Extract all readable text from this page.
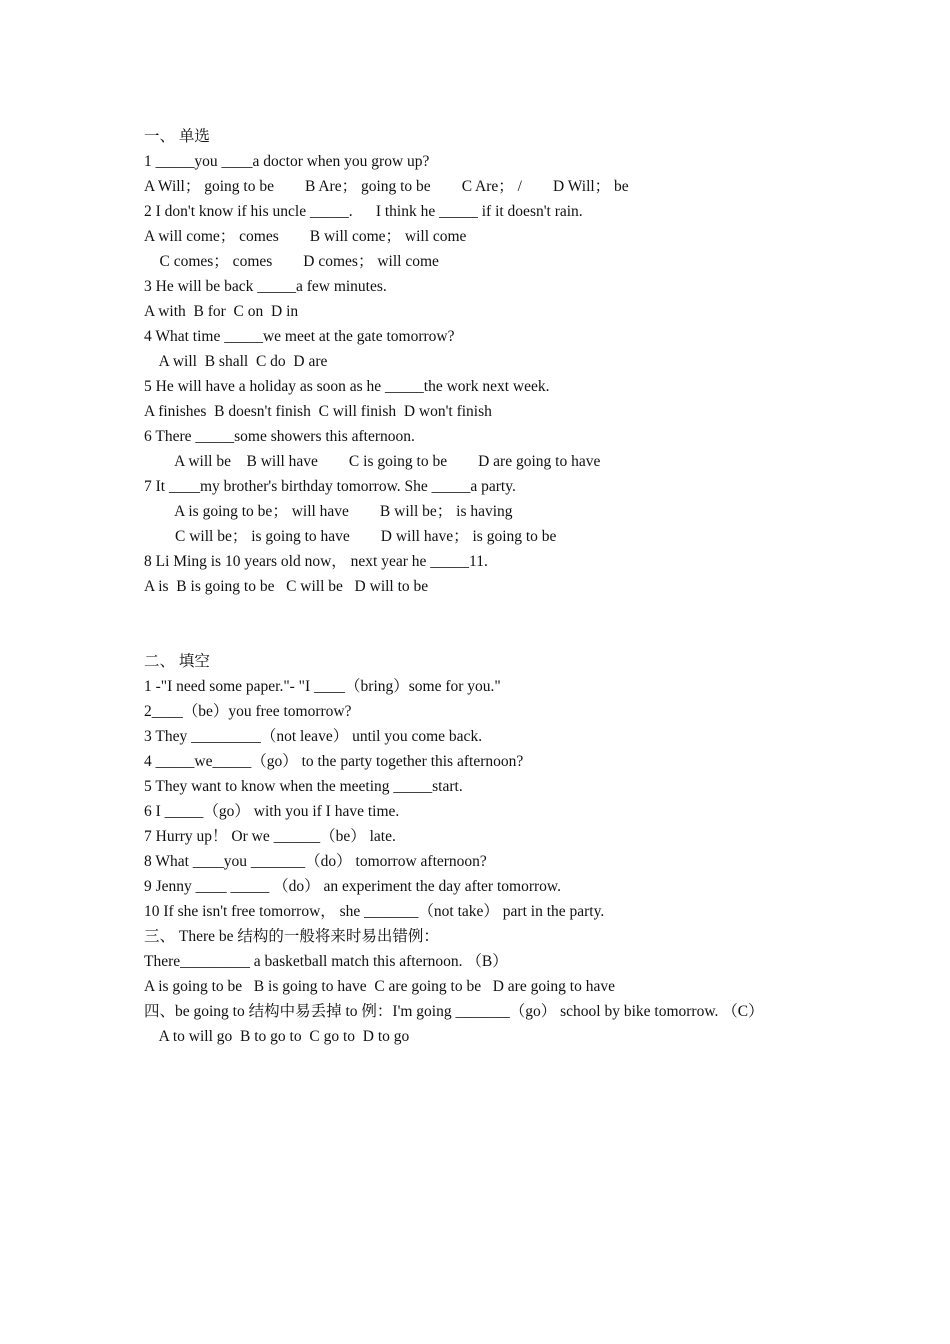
一、 单选
1 _____you ____a doctor when you grow up?
A Will； going to be        B Are； going to be        C Are； /        D Will； be
2 I don't know if his uncle _____.      I think he _____ if it doesn't rain.
A will come； comes        B will come； will come
C comes； comes        D comes； will come
3 He will be back _____a few minutes.
A with  B for  C on  D in
4 What time _____we meet at the gate tomorrow?
A will  B shall  C do  D are
5 He will have a holiday as soon as he _____the work next week.
A finishes  B doesn't finish  C will finish  D won't finish
6 There _____some showers this afternoon.
A will be    B will have        C is going to be        D are going to have
7 It ____my brother's birthday tomorrow. She _____a party.
A is going to be； will have        B will be； is having
C will be； is going to have        D will have； is going to be
8 Li Ming is 10 years old now， next year he _____11.
A is  B is going to be   C will be   D will to be
二、 填空
1 -"I need some paper."- "I ____（bring）some for you."
2____（be）you free tomorrow?
3 They _________（not leave） until you come back.
4 _____we_____（go） to the party together this afternoon?
5 They want to know when the meeting _____start.
6 I _____（go） with you if I have time.
7 Hurry up！ Or we ______（be） late.
8 What ____you _______（do） tomorrow afternoon?
9 Jenny ____ _____ （do） an experiment the day after tomorrow.
10 If she isn't free tomorrow， she _______（not take） part in the party.
三、 There be 结构的一般将来时易出错例：
There_________ a basketball match this afternoon. （B）
A is going to be   B is going to have  C are going to be   D are going to have
四、be going to 结构中易丢掉 to 例：I'm going _______（go） school by bike tomorrow. （C）
A to will go  B to go to  C go to  D to go
